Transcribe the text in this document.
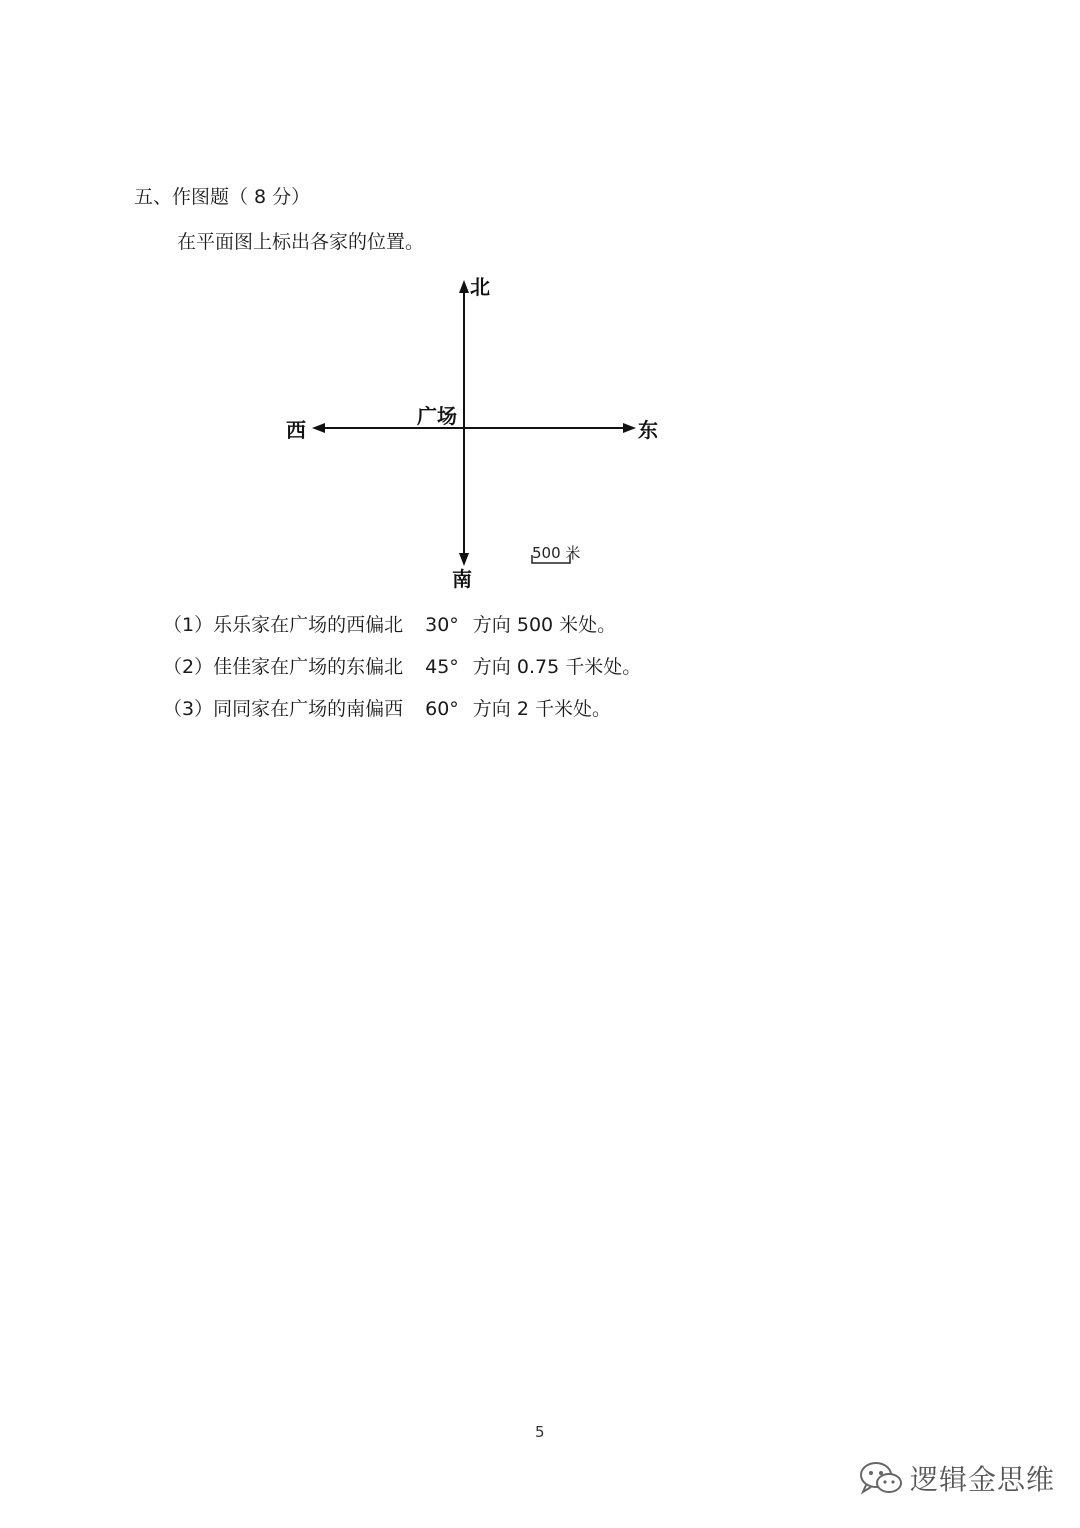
五、作图题（ 8 分）
在平面图上标出各家的位置。
北
南
西	东
广场
500 米
（1）乐乐家在广场的西偏北 30° 方向 500 米处。
（2）佳佳家在广场的东偏北 45° 方向 0.75 千米处。
（3）同同家在广场的南偏西 60° 方向 2 千米处。
5
逻辑金思维
